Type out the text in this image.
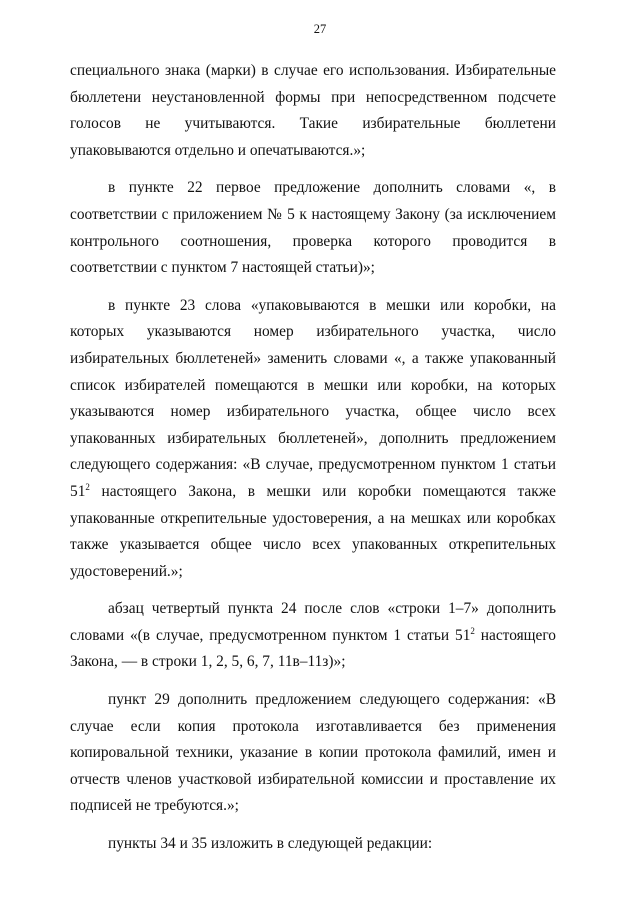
27

специального знака (марки) в случае его использования. Избирательные бюллетени неустановленной формы при непосредственном подсчете голосов не учитываются. Такие избирательные бюллетени упаковываются отдельно и опечатываются.»;

в пункте 22 первое предложение дополнить словами «, в соответствии с приложением № 5 к настоящему Закону (за исключением контрольного соотношения, проверка которого проводится в соответствии с пунктом 7 настоящей статьи)»;

в пункте 23 слова «упаковываются в мешки или коробки, на которых указываются номер избирательного участка, число избирательных бюллетеней» заменить словами «, а также упакованный список избирателей помещаются в мешки или коробки, на которых указываются номер избирательного участка, общее число всех упакованных избирательных бюллетеней», дополнить предложением следующего содержания: «В случае, предусмотренном пунктом 1 статьи $51^2$ настоящего Закона, в мешки или коробки помещаются также упакованные открепительные удостоверения, а на мешках или коробках также указывается общее число всех упакованных открепительных удостоверений.»;

абзац четвертый пункта 24 после слов «строки 1–7» дополнить словами «(в случае, предусмотренном пунктом 1 статьи $51^2$ настоящего Закона, — в строки 1, 2, 5, 6, 7, 11в–11з)»;

пункт 29 дополнить предложением следующего содержания: «В случае если копия протокола изготавливается без применения копировальной техники, указание в копии протокола фамилий, имен и отчеств членов участковой избирательной комиссии и проставление их подписей не требуются.»;

пункты 34 и 35 изложить в следующей редакции:
